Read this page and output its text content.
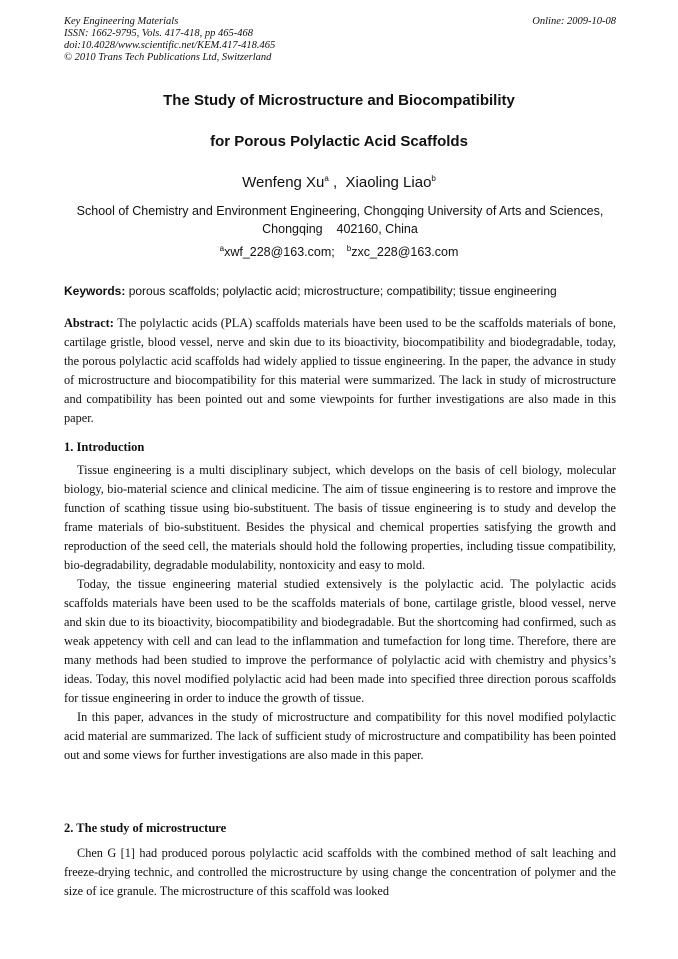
Key Engineering Materials
ISSN: 1662-9795, Vols. 417-418, pp 465-468
doi:10.4028/www.scientific.net/KEM.417-418.465
© 2010 Trans Tech Publications Ltd, Switzerland
Online: 2009-10-08
The Study of Microstructure and Biocompatibility
for Porous Polylactic Acid Scaffolds
Wenfeng Xu$^a$ ,  Xiaoling Liao$^b$
School of Chemistry and Environment Engineering, Chongqing University of Arts and Sciences,
Chongqing    402160, China
$^a$xwf_228@163.com; $^b$zxc_228@163.com
Keywords: porous scaffolds; polylactic acid; microstructure; compatibility; tissue engineering

Abstract: The polylactic acids (PLA) scaffolds materials have been used to be the scaffolds materials of bone, cartilage gristle, blood vessel, nerve and skin due to its bioactivity, biocompatibility and biodegradable, today, the porous polylactic acid scaffolds had widely applied to tissue engineering. In the paper, the advance in study of microstructure and biocompatibility for this material were summarized. The lack in study of microstructure and compatibility has been pointed out and some viewpoints for further investigations are also made in this paper.

1. Introduction

Tissue engineering is a multi disciplinary subject, which develops on the basis of cell biology, molecular biology, bio-material science and clinical medicine. The aim of tissue engineering is to restore and improve the function of scathing tissue using bio-substituent. The basis of tissue engineering is to study and develop the frame materials of bio-substituent. Besides the physical and chemical properties satisfying the growth and reproduction of the seed cell, the materials should hold the following properties, including tissue compatibility, bio-degradability, degradable modulability, nontoxicity and easy to mold.

Today, the tissue engineering material studied extensively is the polylactic acid. The polylactic acids scaffolds materials have been used to be the scaffolds materials of bone, cartilage gristle, blood vessel, nerve and skin due to its bioactivity, biocompatibility and biodegradable. But the shortcoming had confirmed, such as weak appetency with cell and can lead to the inflammation and tumefaction for long time. Therefore, there are many methods had been studied to improve the performance of polylactic acid with chemistry and physics’s ideas. Today, this novel modified polylactic acid had been made into specified three direction porous scaffolds for tissue engineering in order to induce the growth of tissue.

In this paper, advances in the study of microstructure and compatibility for this novel modified polylactic acid material are summarized. The lack of sufficient study of microstructure and compatibility has been pointed out and some views for further investigations are also made in this paper.

2. The study of microstructure

Chen G [1] had produced porous polylactic acid scaffolds with the combined method of salt leaching and freeze-drying technic, and controlled the microstructure by using change the concentration of polymer and the size of ice granule. The microstructure of this scaffold was looked
